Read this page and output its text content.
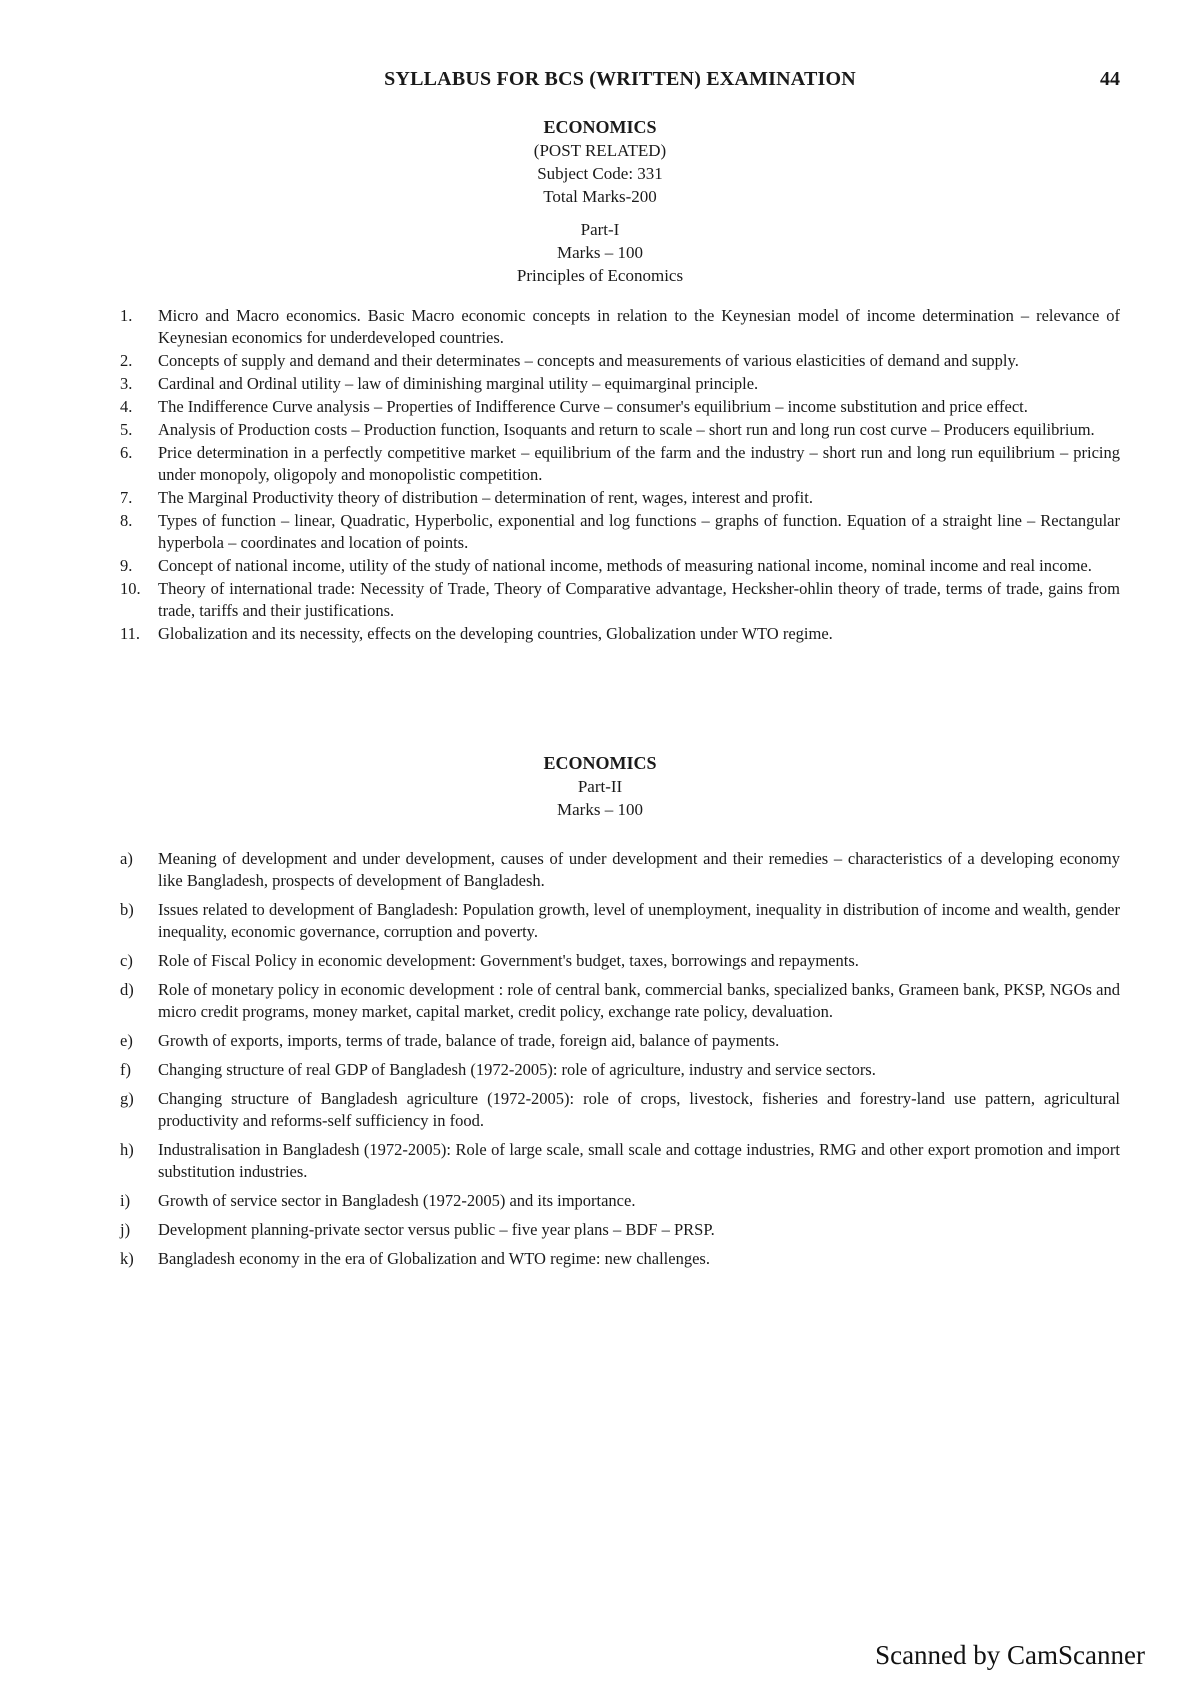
SYLLABUS FOR BCS (WRITTEN) EXAMINATION	44
ECONOMICS
(POST RELATED)
Subject Code: 331
Total Marks-200
Part-I
Marks – 100
Principles of Economics
1. Micro and Macro economics. Basic Macro economic concepts in relation to the Keynesian model of income determination – relevance of Keynesian economics for underdeveloped countries.
2. Concepts of supply and demand and their determinates – concepts and measurements of various elasticities of demand and supply.
3. Cardinal and Ordinal utility – law of diminishing marginal utility – equimarginal principle.
4. The Indifference Curve analysis – Properties of Indifference Curve – consumer's equilibrium – income substitution and price effect.
5. Analysis of Production costs – Production function, Isoquants and return to scale – short run and long run cost curve – Producers equilibrium.
6. Price determination in a perfectly competitive market – equilibrium of the farm and the industry – short run and long run equilibrium – pricing under monopoly, oligopoly and monopolistic competition.
7. The Marginal Productivity theory of distribution – determination of rent, wages, interest and profit.
8. Types of function – linear, Quadratic, Hyperbolic, exponential and log functions – graphs of function. Equation of a straight line – Rectangular hyperbola – coordinates and location of points.
9. Concept of national income, utility of the study of national income, methods of measuring national income, nominal income and real income.
10. Theory of international trade: Necessity of Trade, Theory of Comparative advantage, Hecksher-ohlin theory of trade, terms of trade, gains from trade, tariffs and their justifications.
11. Globalization and its necessity, effects on the developing countries, Globalization under WTO regime.
ECONOMICS
Part-II
Marks – 100
a) Meaning of development and under development, causes of under development and their remedies – characteristics of a developing economy like Bangladesh, prospects of development of Bangladesh.
b) Issues related to development of Bangladesh: Population growth, level of unemployment, inequality in distribution of income and wealth, gender inequality, economic governance, corruption and poverty.
c) Role of Fiscal Policy in economic development: Government's budget, taxes, borrowings and repayments.
d) Role of monetary policy in economic development : role of central bank, commercial banks, specialized banks, Grameen bank, PKSP, NGOs and micro credit programs, money market, capital market, credit policy, exchange rate policy, devaluation.
e) Growth of exports, imports, terms of trade, balance of trade, foreign aid, balance of payments.
f) Changing structure of real GDP of Bangladesh (1972-2005): role of agriculture, industry and service sectors.
g) Changing structure of Bangladesh agriculture (1972-2005): role of crops, livestock, fisheries and forestry-land use pattern, agricultural productivity and reforms-self sufficiency in food.
h) Industralisation in Bangladesh (1972-2005): Role of large scale, small scale and cottage industries, RMG and other export promotion and import substitution industries.
i) Growth of service sector in Bangladesh (1972-2005) and its importance.
j) Development planning-private sector versus public – five year plans – BDF – PRSP.
k) Bangladesh economy in the era of Globalization and WTO regime: new challenges.
Scanned by CamScanner
